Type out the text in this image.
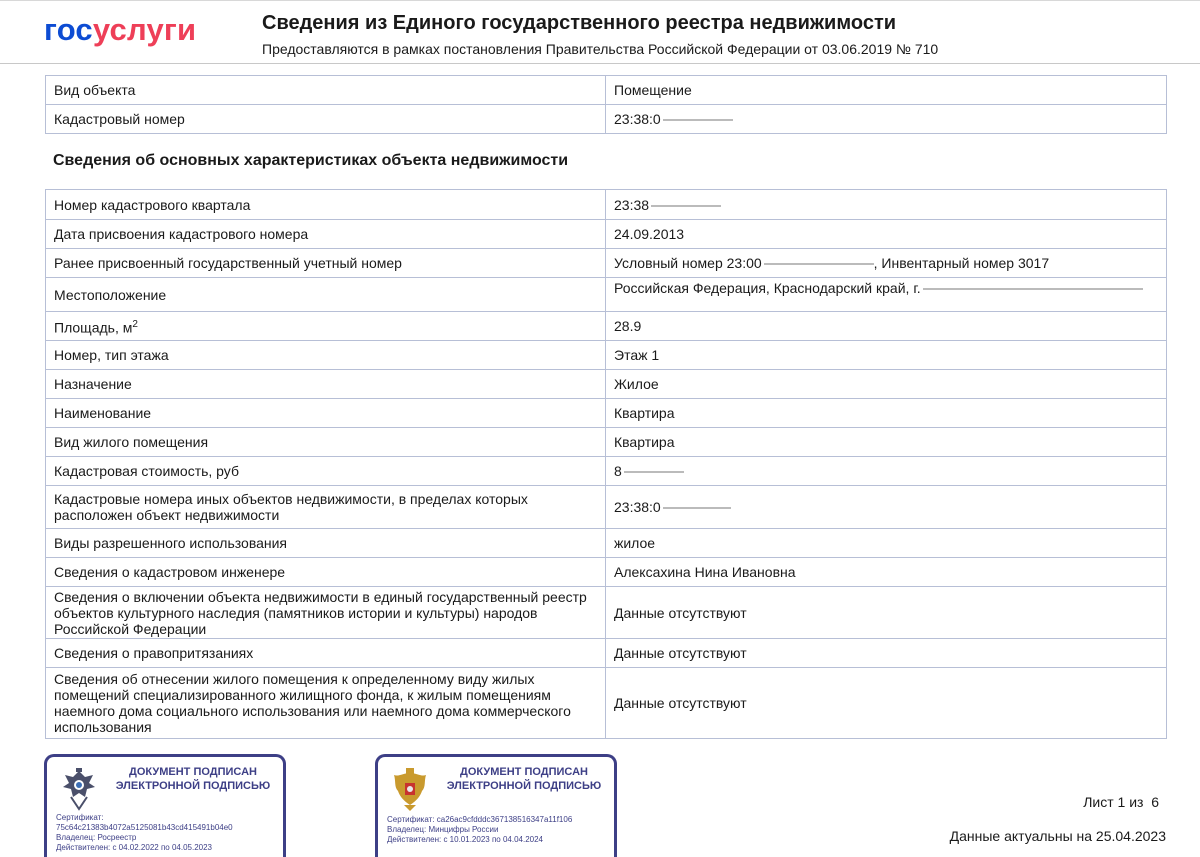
госуслуги	Сведения из Единого государственного реестра недвижимости
Предоставляются в рамках постановления Правительства Российской Федерации от 03.06.2019 № 710
Вид объекта	Помещение
Кадастровый номер	23:38:0
Сведения об основных характеристиках объекта недвижимости
Номер кадастрового квартала	23:38
Дата присвоения кадастрового номера	24.09.2013
Ранее присвоенный государственный учетный номер	Условный номер 23:00 , Инвентарный номер 3017
Местоположение	Российская Федерация, Краснодарский край, г.
Площадь, $м^2$	28.9
Номер, тип этажа	Этаж 1
Назначение	Жилое
Наименование	Квартира
Вид жилого помещения	Квартира
Кадастровая стоимость, руб	8
Кадастровые номера иных объектов недвижимости, в пределах которых расположен объект недвижимости	23:38:0
Виды разрешенного использования	жилое
Сведения о кадастровом инженере	Алексахина Нина Ивановна
Сведения о включении объекта недвижимости в единый государственный реестр объектов культурного наследия (памятников истории и культуры) народов Российской Федерации	Данные отсутствуют
Сведения о правопритязаниях	Данные отсутствуют
Сведения об отнесении жилого помещения к определенному виду жилых помещений специализированного жилищного фонда, к жилым помещениям наемного дома социального использования или наемного дома коммерческого использования	Данные отсутствуют
ДОКУМЕНТ ПОДПИСАН ЭЛЕКТРОННОЙ ПОДПИСЬЮ
Сертификат:
75c64c21383b4072a5125081b43cd415491b04e0
Владелец: Росреестр
Действителен: с 04.02.2022 по 04.05.2023
ДОКУМЕНТ ПОДПИСАН ЭЛЕКТРОННОЙ ПОДПИСЬЮ
Сертификат: ca26ac9cfdddc367138516347a11f106
Владелец: Минцифры России
Действителен: с 10.01.2023 по 04.04.2024
Лист 1 из  6
Данные актуальны на 25.04.2023
